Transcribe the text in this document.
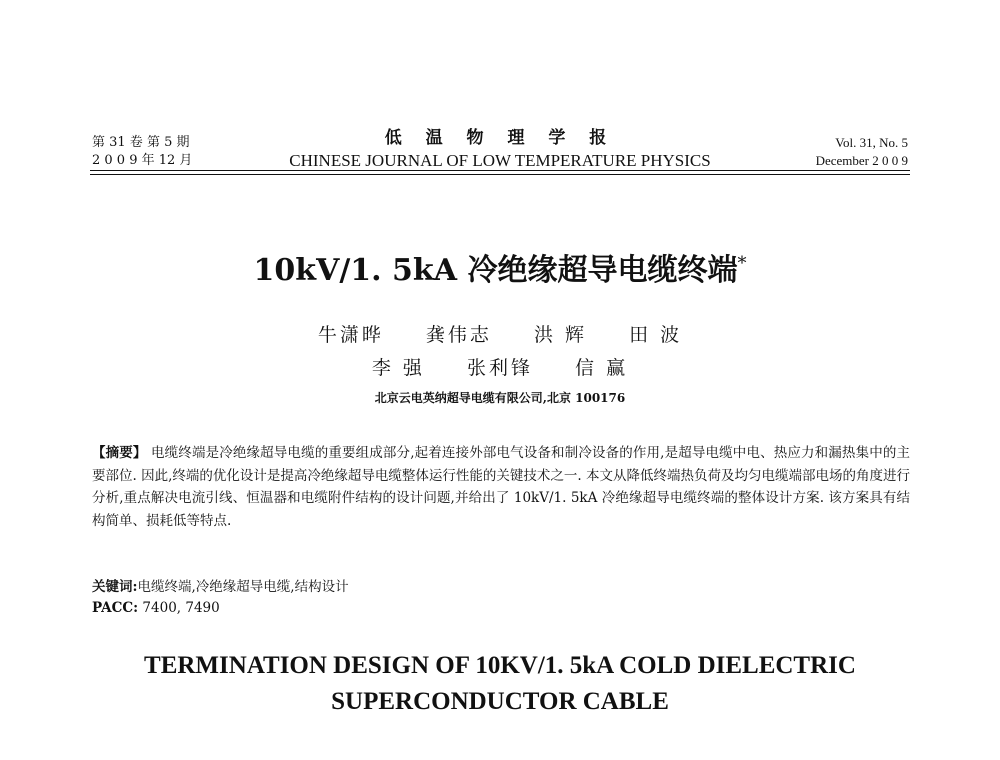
第 31 卷 第 5 期
2 0 0 9 年 12 月
低 温 物 理 学 报
CHINESE JOURNAL OF LOW TEMPERATURE PHYSICS
Vol. 31, No. 5
December 2 0 0 9
10kV/1. 5kA 冷绝缘超导电缆终端*
牛潇晔 龚伟志 洪 辉 田 波
李 强 张利锋 信 赢
北京云电英纳超导电缆有限公司,北京 100176
【摘要】 电缆终端是冷绝缘超导电缆的重要组成部分,起着连接外部电气设备和制冷设备的作用,是超导电缆中电、热应力和漏热集中的主要部位. 因此,终端的优化设计是提高冷绝缘超导电缆整体运行性能的关键技术之一. 本文从降低终端热负荷及均匀电缆端部电场的角度进行分析,重点解决电流引线、恒温器和电缆附件结构的设计问题,并给出了 10kV/1. 5kA 冷绝缘超导电缆终端的整体设计方案. 该方案具有结构简单、损耗低等特点.
关键词:电缆终端,冷绝缘超导电缆,结构设计
PACC: 7400, 7490
TERMINATION DESIGN OF 10KV/1. 5kA COLD DIELECTRIC
SUPERCONDUCTOR CABLE
